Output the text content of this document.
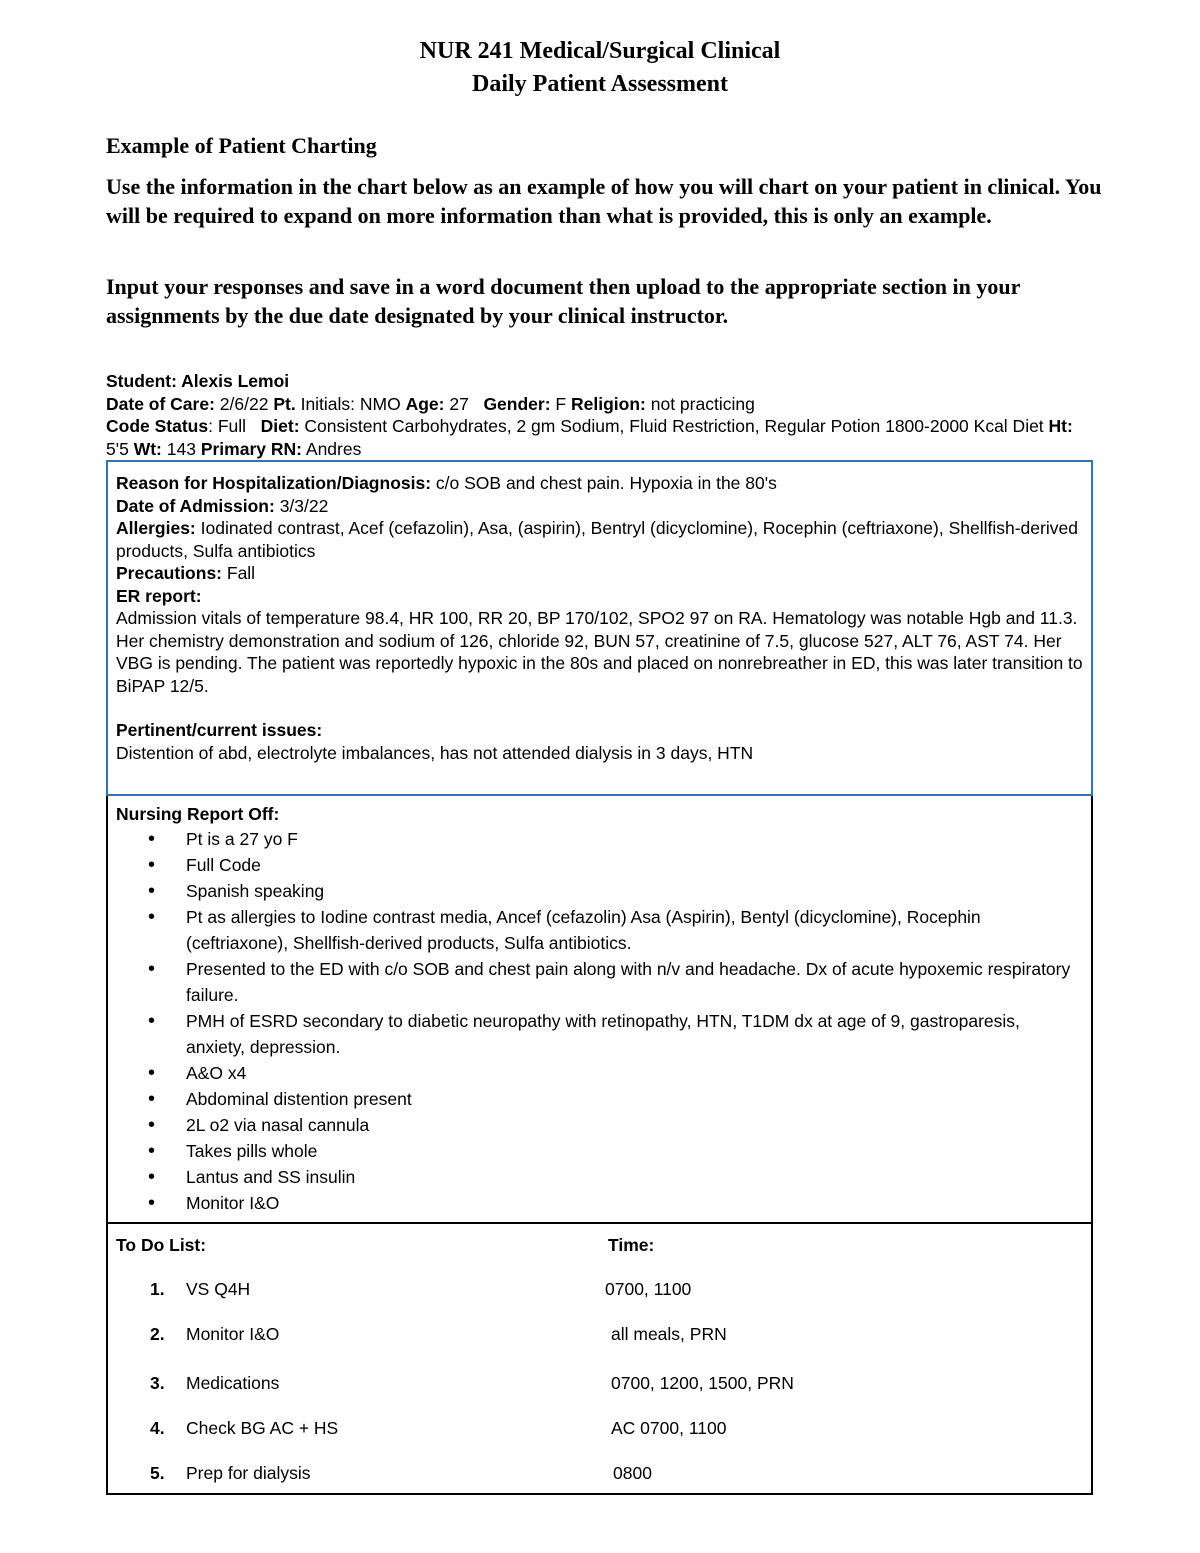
NUR 241 Medical/Surgical Clinical
Daily Patient Assessment
Example of Patient Charting
Use the information in the chart below as an example of how you will chart on your patient in clinical. You will be required to expand on more information than what is provided, this is only an example.
Input your responses and save in a word document then upload to the appropriate section in your assignments by the due date designated by your clinical instructor.
Student: Alexis Lemoi
Date of Care: 2/6/22 Pt. Initials: NMO Age: 27 Gender: F Religion: not practicing
Code Status: Full Diet: Consistent Carbohydrates, 2 gm Sodium, Fluid Restriction, Regular Potion 1800-2000 Kcal Diet Ht: 5'5 Wt: 143 Primary RN: Andres
Reason for Hospitalization/Diagnosis: c/o SOB and chest pain. Hypoxia in the 80's
Date of Admission: 3/3/22
Allergies: Iodinated contrast, Acef (cefazolin), Asa, (aspirin), Bentryl (dicyclomine), Rocephin (ceftriaxone), Shellfish-derived products, Sulfa antibiotics
Precautions: Fall
ER report:
Admission vitals of temperature 98.4, HR 100, RR 20, BP 170/102, SPO2 97 on RA. Hematology was notable Hgb and 11.3. Her chemistry demonstration and sodium of 126, chloride 92, BUN 57, creatinine of 7.5, glucose 527, ALT 76, AST 74. Her VBG is pending. The patient was reportedly hypoxic in the 80s and placed on nonrebreather in ED, this was later transition to BiPAP 12/5.
Pertinent/current issues:
Distention of abd, electrolyte imbalances, has not attended dialysis in 3 days, HTN
Nursing Report Off:
• Pt is a 27 yo F
• Full Code
• Spanish speaking
• Pt as allergies to Iodine contrast media, Ancef (cefazolin) Asa (Aspirin), Bentyl (dicyclomine), Rocephin (ceftriaxone), Shellfish-derived products, Sulfa antibiotics.
• Presented to the ED with c/o SOB and chest pain along with n/v and headache. Dx of acute hypoxemic respiratory failure.
• PMH of ESRD secondary to diabetic neuropathy with retinopathy, HTN, T1DM dx at age of 9, gastroparesis, anxiety, depression.
• A&O x4
• Abdominal distention present
• 2L o2 via nasal cannula
• Takes pills whole
• Lantus and SS insulin
• Monitor I&O
To Do List:	Time:
1. VS Q4H	0700, 1100
2. Monitor I&O	all meals, PRN
3. Medications	0700, 1200, 1500, PRN
4. Check BG AC + HS	AC 0700, 1100
5. Prep for dialysis	0800
